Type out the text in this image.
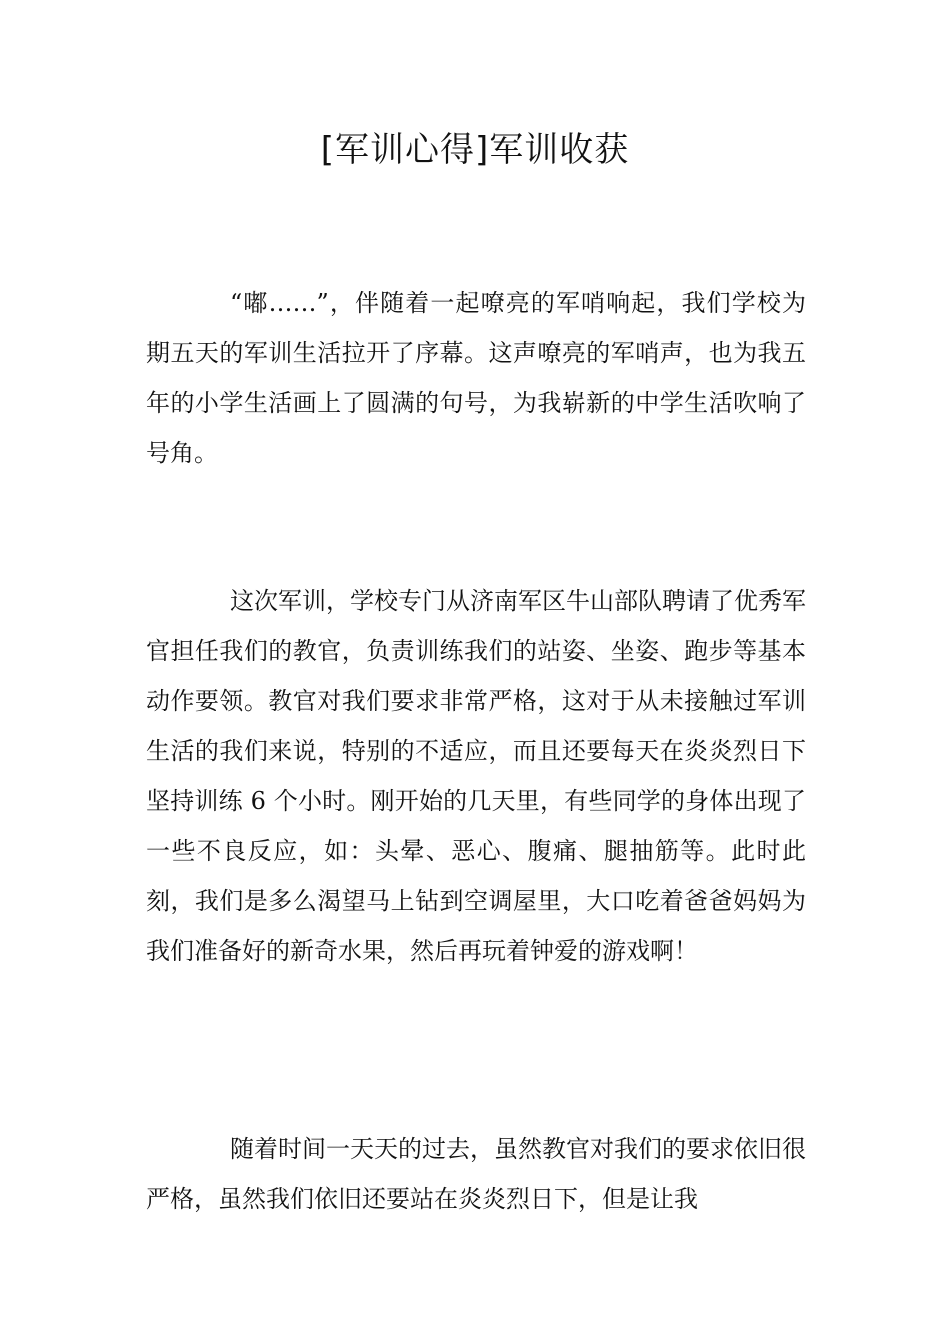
[军训心得]军训收获

“嘟……”，伴随着一起嘹亮的军哨响起，我们学校为期五天的军训生活拉开了序幕。这声嘹亮的军哨声，也为我五年的小学生活画上了圆满的句号，为我崭新的中学生活吹响了号角。

这次军训，学校专门从济南军区牛山部队聘请了优秀军官担任我们的教官，负责训练我们的站姿、坐姿、跑步等基本动作要领。教官对我们要求非常严格，这对于从未接触过军训生活的我们来说，特别的不适应，而且还要每天在炎炎烈日下坚持训练 6 个小时。刚开始的几天里，有些同学的身体出现了一些不良反应，如：头晕、恶心、腹痛、腿抽筋等。此时此刻，我们是多么渴望马上钻到空调屋里，大口吃着爸爸妈妈为我们准备好的新奇水果，然后再玩着钟爱的游戏啊！

随着时间一天天的过去，虽然教官对我们的要求依旧很严格，虽然我们依旧还要站在炎炎烈日下，但是让我
